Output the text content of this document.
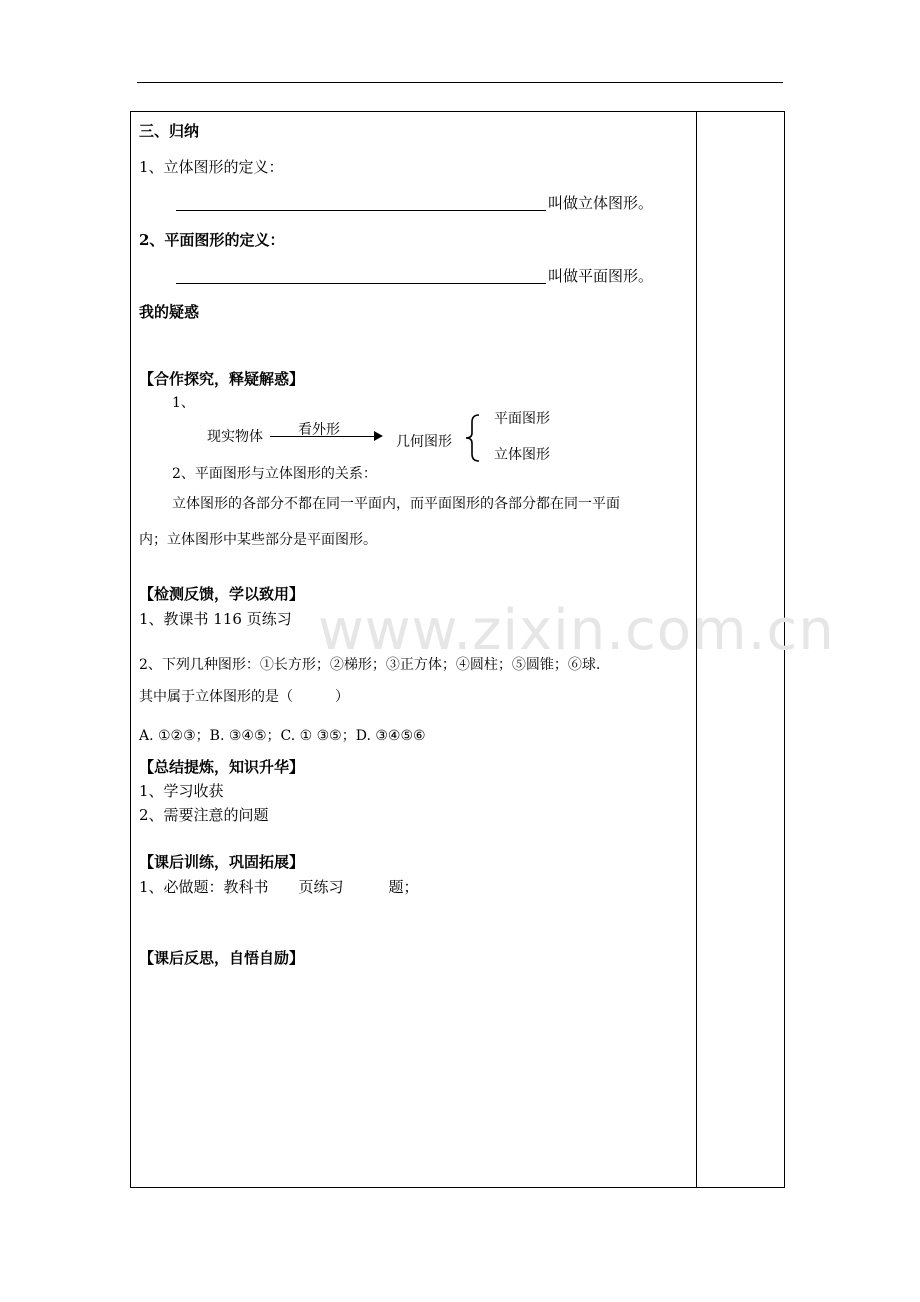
www.zixin.com.cn
三、归纳
1、立体图形的定义：
叫做立体图形。
2、平面图形的定义：
叫做平面图形。
我的疑惑
【合作探究，释疑解惑】
1、
现实物体	看外形
几何图形
平面图形
立体图形
2、平面图形与立体图形的关系：
立体图形的各部分不都在同一平面内，而平面图形的各部分都在同一平面
内；立体图形中某些部分是平面图形。
【检测反馈，学以致用】
1、教课书 116 页练习
2、下列几种图形：①长方形；②梯形；③正方体；④圆柱；⑤圆锥；⑥球.
其中属于立体图形的是（　　　）
A. ①②③；B. ③④⑤；C. ① ③⑤；D. ③④⑤⑥
【总结提炼，知识升华】
1、学习收获
2、需要注意的问题
【课后训练，巩固拓展】
1、必做题：教科书　　页练习　　　题；
【课后反思，自悟自励】
